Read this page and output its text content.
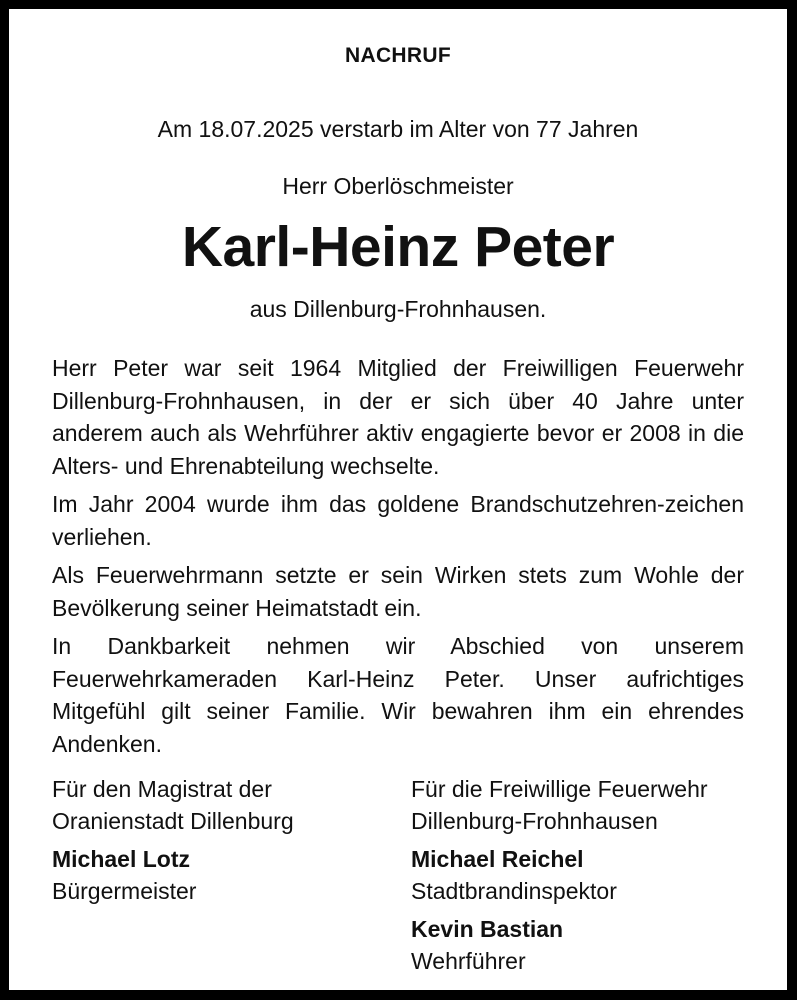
NACHRUF
Am 18.07.2025 verstarb im Alter von 77 Jahren
Herr Oberlöschmeister
Karl-Heinz Peter
aus Dillenburg-Frohnhausen.

Herr Peter war seit 1964 Mitglied der Freiwilligen Feuerwehr Dillenburg-Frohnhausen, in der er sich über 40 Jahre unter anderem auch als Wehrführer aktiv engagierte bevor er 2008 in die Alters- und Ehrenabteilung wechselte.

Im Jahr 2004 wurde ihm das goldene Brandschutzehren-zeichen verliehen.

Als Feuerwehrmann setzte er sein Wirken stets zum Wohle der Bevölkerung seiner Heimatstadt ein.

In Dankbarkeit nehmen wir Abschied von unserem Feuerwehrkameraden Karl-Heinz Peter. Unser aufrichtiges Mitgefühl gilt seiner Familie. Wir bewahren ihm ein ehrendes Andenken.

Für den Magistrat der
Oranienstadt Dillenburg
Michael Lotz
Bürgermeister
Für die Freiwillige Feuerwehr
Dillenburg-Frohnhausen
Michael Reichel
Stadtbrandinspektor
Kevin Bastian
Wehrführer
